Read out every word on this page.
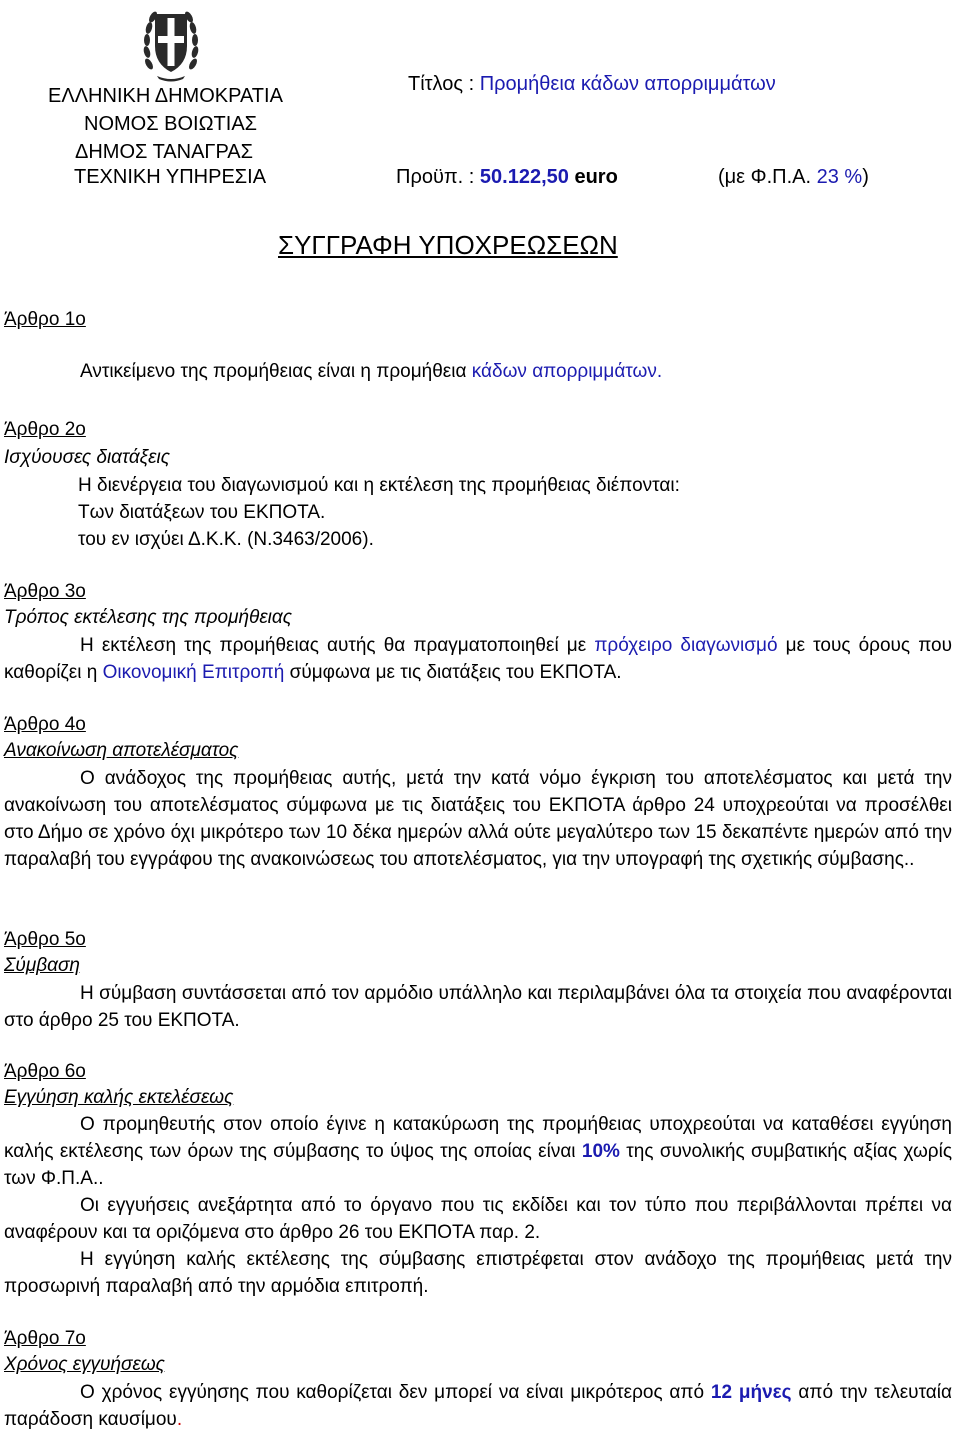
ΕΛΛΗΝΙΚΗ ΔΗΜΟΚΡΑΤΙΑ
ΝΟΜΟΣ ΒΟΙΩΤΙΑΣ
ΔΗΜΟΣ ΤΑΝΑΓΡΑΣ
ΤΕΧΝΙΚΗ ΥΠΗΡΕΣΙΑ
Τίτλος : Προμήθεια κάδων απορριμμάτων
Προϋπ. : 50.122,50 euro	(με Φ.Π.Α. 23 %)
ΣΥΓΓΡΑΦΗ ΥΠΟΧΡΕΩΣΕΩΝ
Άρθρο 1ο
Αντικείμενο της προμήθειας είναι η προμήθεια κάδων απορριμμάτων.
Άρθρο 2ο
Ισχύουσες διατάξεις
Η διενέργεια του διαγωνισμού και η εκτέλεση της προμήθειας διέπονται:
Των διατάξεων του ΕΚΠΟΤΑ.
του εν ισχύει Δ.Κ.Κ. (Ν.3463/2006).
Άρθρο 3ο
Τρόπος εκτέλεσης της προμήθειας
Η εκτέλεση της προμήθειας αυτής θα πραγματοποιηθεί με πρόχειρο διαγωνισμό με τους όρους που καθορίζει η Οικονομική Επιτροπή σύμφωνα με τις διατάξεις του ΕΚΠΟΤΑ.
Άρθρο 4ο
Ανακοίνωση αποτελέσματος
Ο ανάδοχος της προμήθειας αυτής, μετά την κατά νόμο έγκριση του αποτελέσματος και μετά την ανακοίνωση του αποτελέσματος σύμφωνα με τις διατάξεις του ΕΚΠΟΤΑ άρθρο 24 υποχρεούται να προσέλθει στο Δήμο σε χρόνο όχι μικρότερο των 10 δέκα ημερών αλλά ούτε μεγαλύτερο των 15 δεκαπέντε ημερών από την παραλαβή του εγγράφου της ανακοινώσεως του αποτελέσματος, για την υπογραφή της σχετικής σύμβασης..
Άρθρο 5ο
Σύμβαση
Η σύμβαση συντάσσεται από τον αρμόδιο υπάλληλο και περιλαμβάνει όλα τα στοιχεία που αναφέρονται στο άρθρο 25 του ΕΚΠΟΤΑ.
Άρθρο 6ο
Εγγύηση καλής εκτελέσεως
Ο προμηθευτής στον οποίο έγινε η κατακύρωση της προμήθειας υποχρεούται να καταθέσει εγγύηση καλής εκτέλεσης των όρων της σύμβασης το ύψος της οποίας είναι 10% της συνολικής συμβατικής αξίας χωρίς των Φ.Π.Α..
Οι εγγυήσεις ανεξάρτητα από το όργανο που τις εκδίδει και τον τύπο που περιβάλλονται πρέπει να αναφέρουν και τα οριζόμενα στο άρθρο 26 του ΕΚΠΟΤΑ παρ. 2.
Η εγγύηση καλής εκτέλεσης της σύμβασης επιστρέφεται στον ανάδοχο της προμήθειας μετά την προσωρινή παραλαβή από την αρμόδια επιτροπή.
Άρθρο 7ο
Χρόνος εγγυήσεως
Ο χρόνος εγγύησης που καθορίζεται δεν μπορεί να είναι μικρότερος από 12 μήνες από την τελευταία παράδοση καυσίμου.
